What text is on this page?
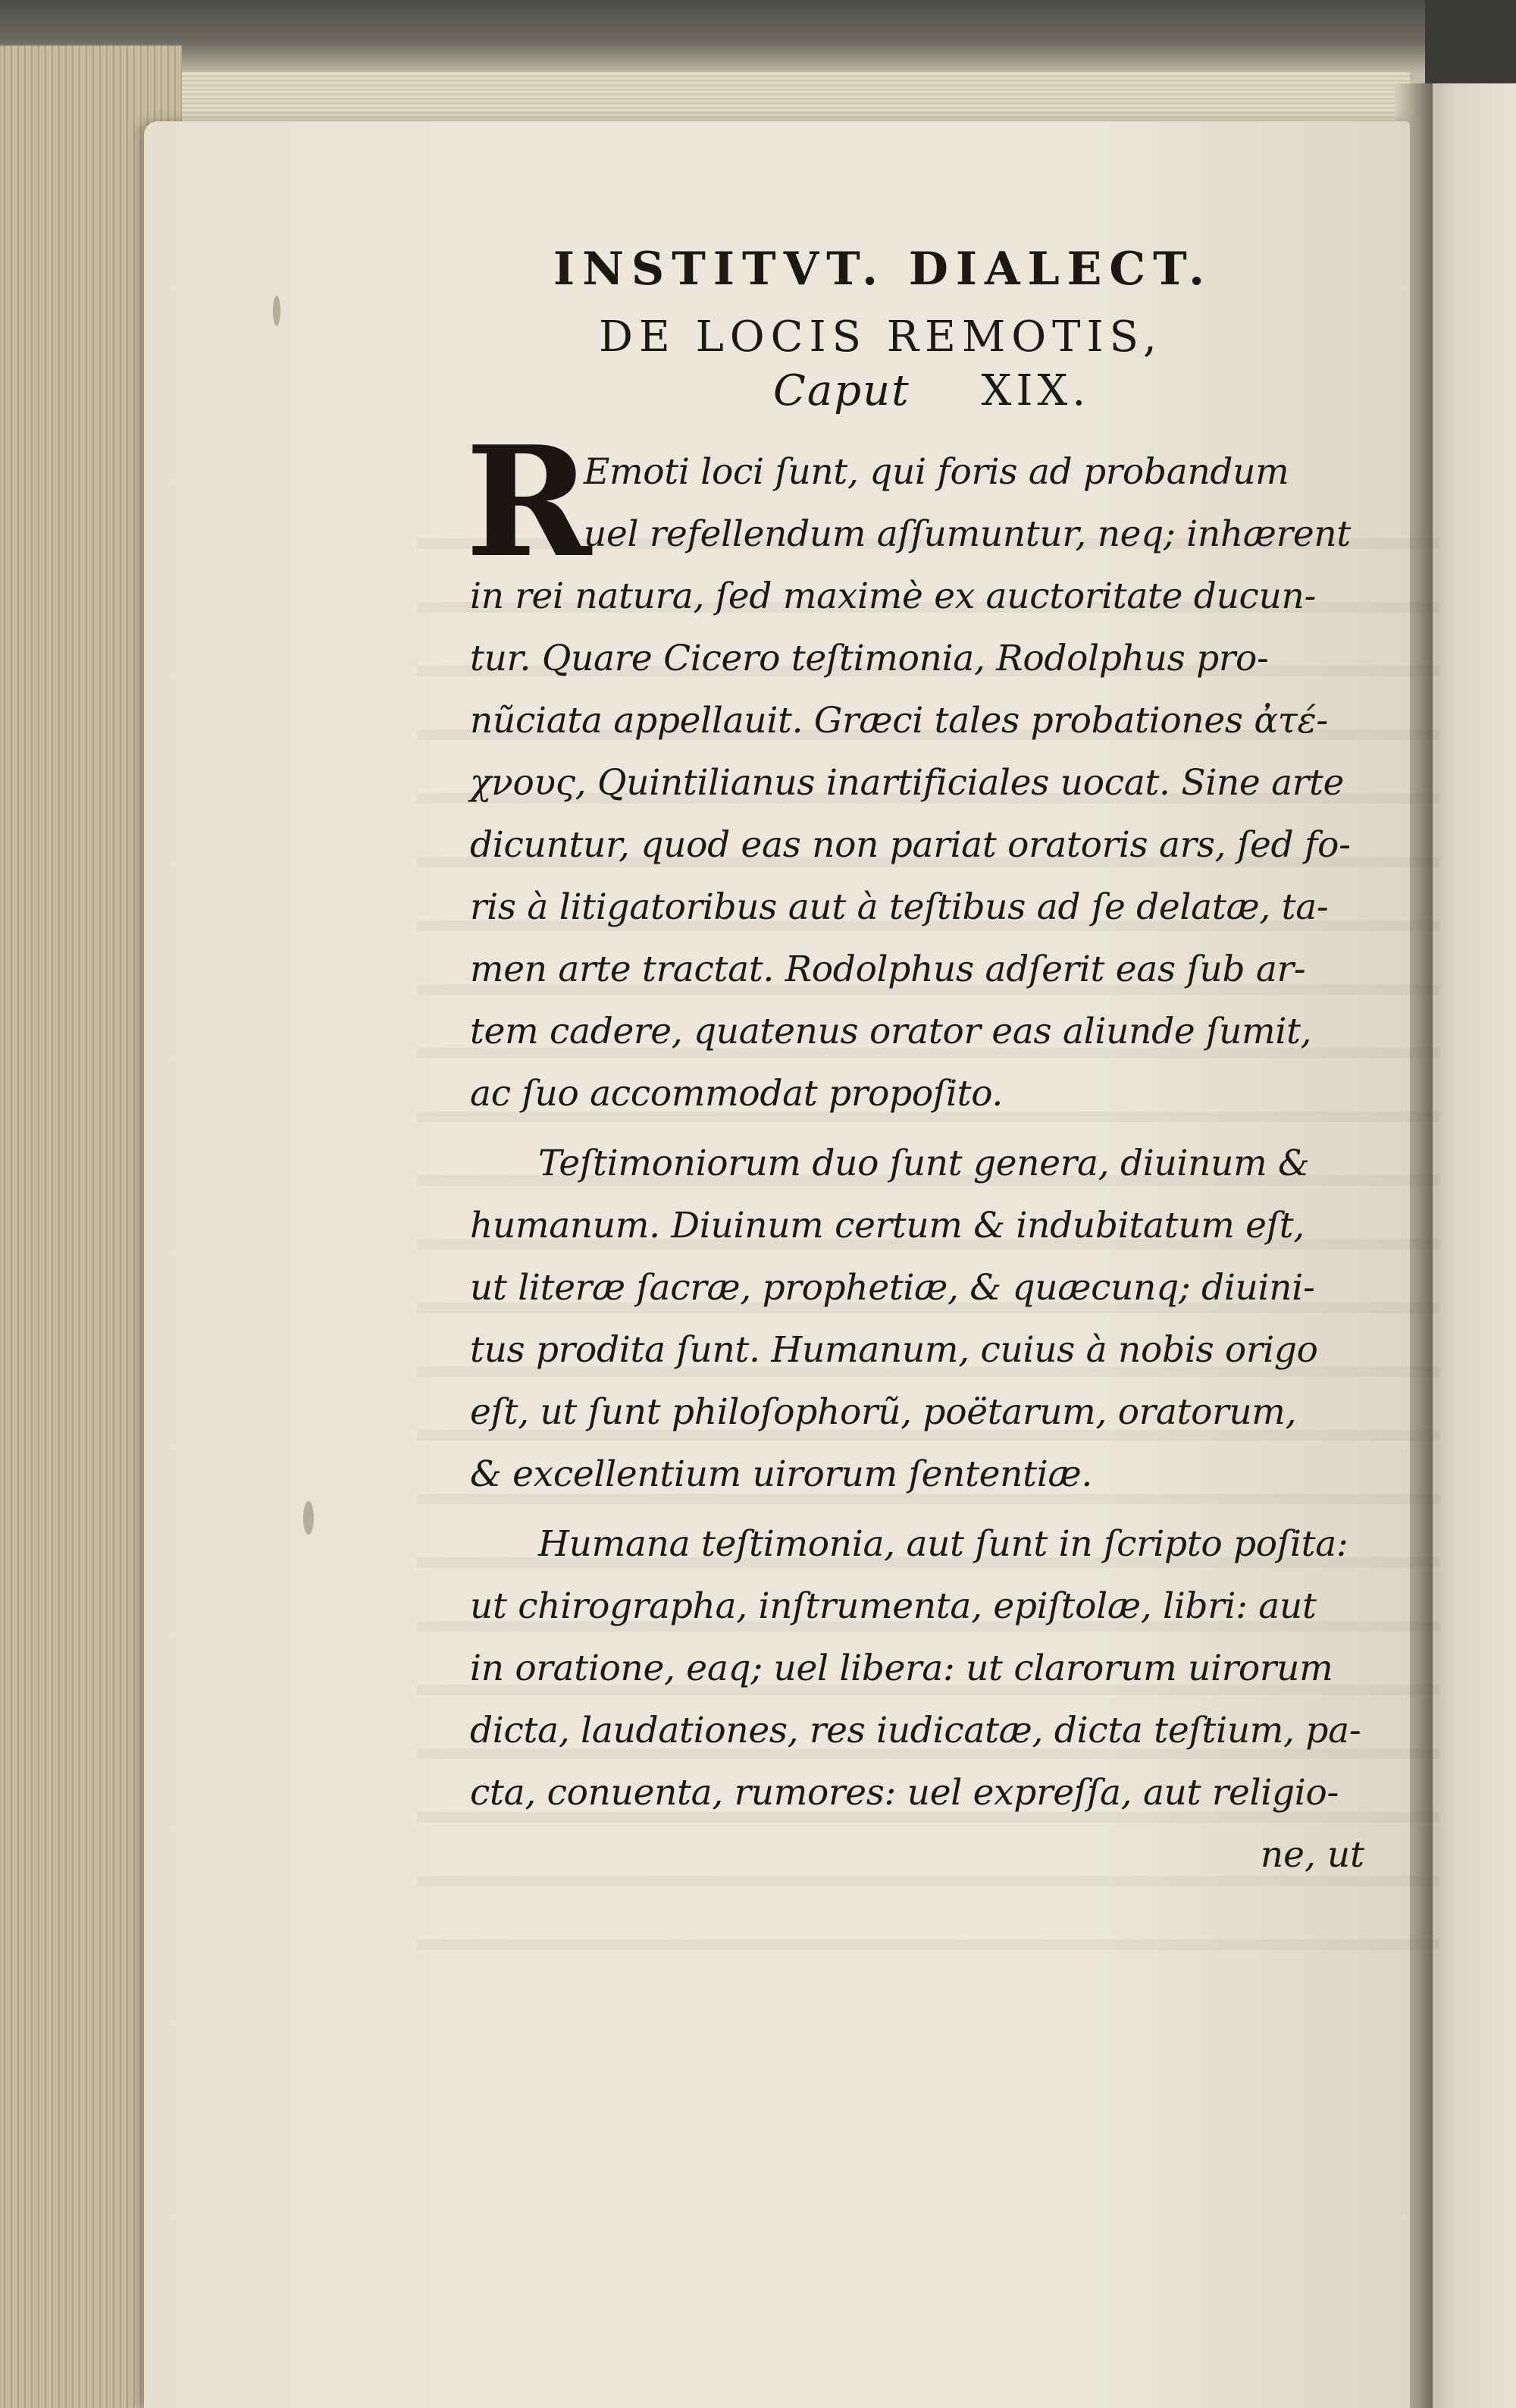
INSTITVT. DIALECT.
DE LOCIS REMOTIS,
Caput XIX.
R
Emoti loci ſunt, qui foris ad probandum
uel refellendum aſſumuntur, neq; inhærent
in rei natura, ſed maximè ex auctoritate ducun-
tur. Quare Cicero teſtimonia, Rodolphus pro-
nũciata appellauit. Græci tales probationes ἀτέ-
χνους, Quintilianus inartificiales uocat. Sine arte
dicuntur, quod eas non pariat oratoris ars, ſed fo-
ris à litigatoribus aut à teſtibus ad ſe delatæ, ta-
men arte tractat. Rodolphus adſerit eas ſub ar-
tem cadere, quatenus orator eas aliunde ſumit,
ac ſuo accommodat propoſito.
Teſtimoniorum duo ſunt genera, diuinum &
humanum. Diuinum certum & indubitatum eſt,
ut literæ ſacræ, prophetiæ, & quæcunq; diuini-
tus prodita ſunt. Humanum, cuius à nobis origo
eſt, ut ſunt philoſophorũ, poëtarum, oratorum,
& excellentium uirorum ſententiæ.
Humana teſtimonia, aut ſunt in ſcripto poſita:
ut chirographa, inſtrumenta, epiſtolæ, libri: aut
in oratione, eaq; uel libera: ut clarorum uirorum
dicta, laudationes, res iudicatæ, dicta teſtium, pa-
cta, conuenta, rumores: uel expreſſa, aut religio-
ne, ut
